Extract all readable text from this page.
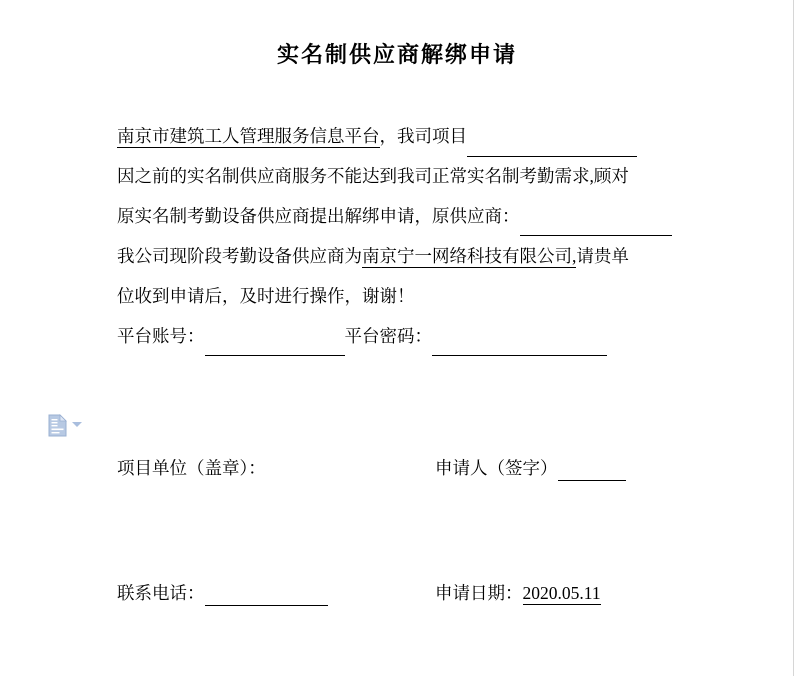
实名制供应商解绑申请
南京市建筑工人管理服务信息平台，我司项目
因之前的实名制供应商服务不能达到我司正常实名制考勤需求,顾对
原实名制考勤设备供应商提出解绑申请，原供应商：
我公司现阶段考勤设备供应商为南京宁一网络科技有限公司,请贵单
位收到申请后，及时进行操作，谢谢！
平台账号：	平台密码：
项目单位（盖章）：	申请人（签字）
联系电话：	申请日期：2020.05.11
